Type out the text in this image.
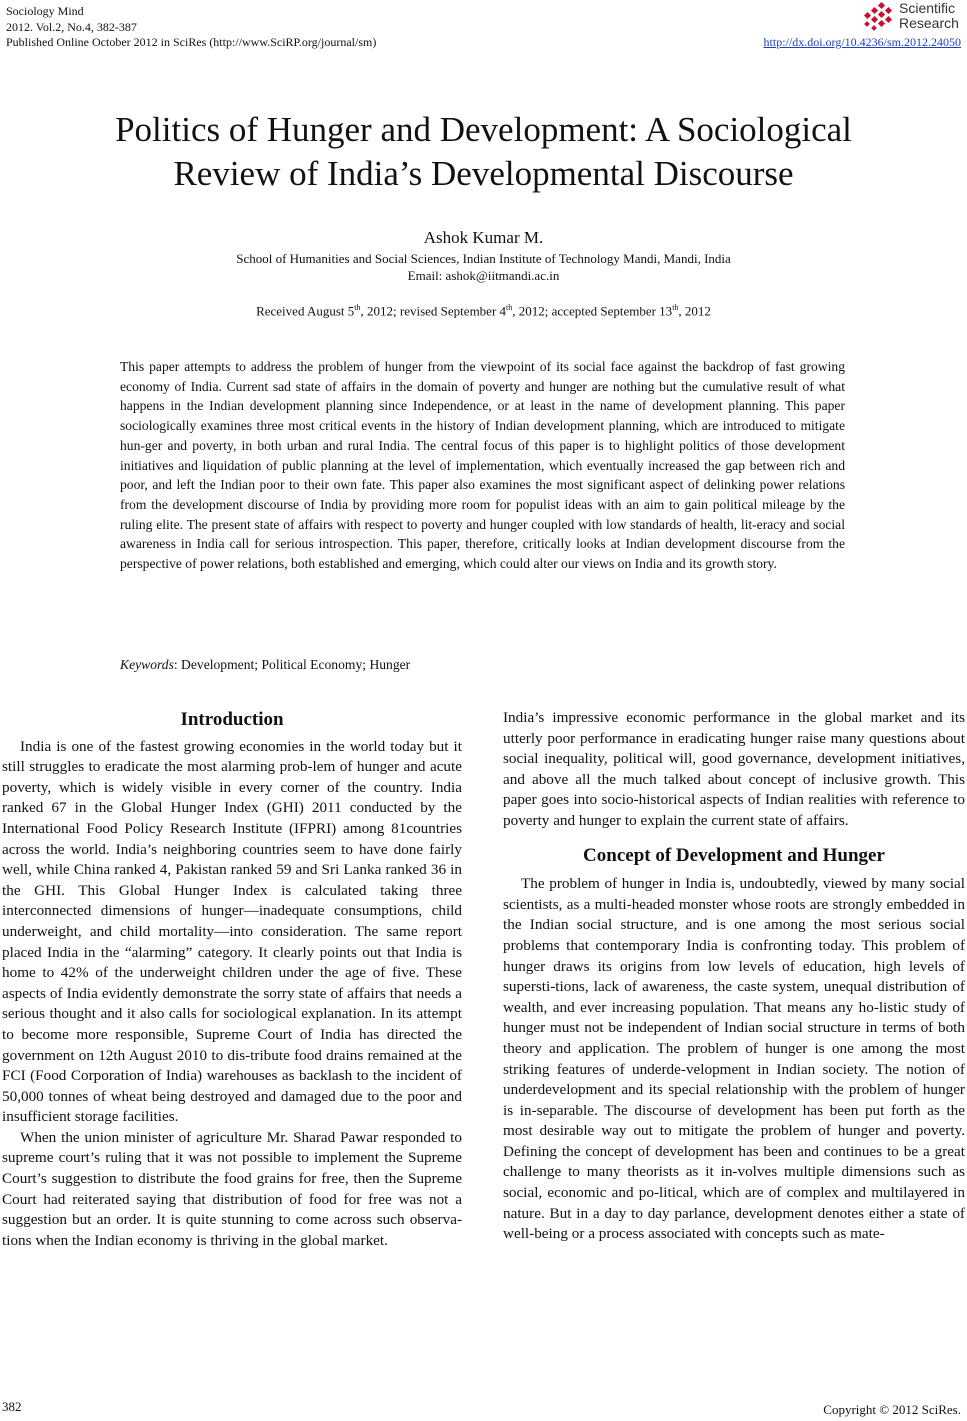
Sociology Mind
2012. Vol.2, No.4, 382-387
Published Online October 2012 in SciRes (http://www.SciRP.org/journal/sm)
Scientific
Research
http://dx.doi.org/10.4236/sm.2012.24050
Politics of Hunger and Development: A Sociological
Review of India’s Developmental Discourse
Ashok Kumar M.
School of Humanities and Social Sciences, Indian Institute of Technology Mandi, Mandi, India
Email: ashok@iitmandi.ac.in
Received August 5th, 2012; revised September 4th, 2012; accepted September 13th, 2012
This paper attempts to address the problem of hunger from the viewpoint of its social face against the backdrop of fast growing economy of India. Current sad state of affairs in the domain of poverty and hunger are nothing but the cumulative result of what happens in the Indian development planning since Independence, or at least in the name of development planning. This paper sociologically examines three most critical events in the history of Indian development planning, which are introduced to mitigate hun-ger and poverty, in both urban and rural India. The central focus of this paper is to highlight politics of those development initiatives and liquidation of public planning at the level of implementation, which eventually increased the gap between rich and poor, and left the Indian poor to their own fate. This paper also examines the most significant aspect of delinking power relations from the development discourse of India by providing more room for populist ideas with an aim to gain political mileage by the ruling elite. The present state of affairs with respect to poverty and hunger coupled with low standards of health, lit-eracy and social awareness in India call for serious introspection. This paper, therefore, critically looks at Indian development discourse from the perspective of power relations, both established and emerging, which could alter our views on India and its growth story.
Keywords: Development; Political Economy; Hunger
Introduction

India is one of the fastest growing economies in the world today but it still struggles to eradicate the most alarming prob-lem of hunger and acute poverty, which is widely visible in every corner of the country. India ranked 67 in the Global Hunger Index (GHI) 2011 conducted by the International Food Policy Research Institute (IFPRI) among 81countries across the world. India’s neighboring countries seem to have done fairly well, while China ranked 4, Pakistan ranked 59 and Sri Lanka ranked 36 in the GHI. This Global Hunger Index is calculated taking three interconnected dimensions of hunger—inadequate consumptions, child underweight, and child mortality—into consideration. The same report placed India in the “alarming” category. It clearly points out that India is home to 42% of the underweight children under the age of five. These aspects of India evidently demonstrate the sorry state of affairs that needs a serious thought and it also calls for sociological explanation. In its attempt to become more responsible, Supreme Court of India has directed the government on 12th August 2010 to dis-tribute food drains remained at the FCI (Food Corporation of India) warehouses as backlash to the incident of 50,000 tonnes of wheat being destroyed and damaged due to the poor and insufficient storage facilities.

When the union minister of agriculture Mr. Sharad Pawar responded to supreme court’s ruling that it was not possible to implement the Supreme Court’s suggestion to distribute the food grains for free, then the Supreme Court had reiterated saying that distribution of food for free was not a suggestion but an order. It is quite stunning to come across such observa-tions when the Indian economy is thriving in the global market.

India’s impressive economic performance in the global market and its utterly poor performance in eradicating hunger raise many questions about social inequality, political will, good governance, development initiatives, and above all the much talked about concept of inclusive growth. This paper goes into socio-historical aspects of Indian realities with reference to poverty and hunger to explain the current state of affairs.

Concept of Development and Hunger

The problem of hunger in India is, undoubtedly, viewed by many social scientists, as a multi-headed monster whose roots are strongly embedded in the Indian social structure, and is one among the most serious social problems that contemporary India is confronting today. This problem of hunger draws its origins from low levels of education, high levels of supersti-tions, lack of awareness, the caste system, unequal distribution of wealth, and ever increasing population. That means any ho-listic study of hunger must not be independent of Indian social structure in terms of both theory and application. The problem of hunger is one among the most striking features of underde-velopment in Indian society. The notion of underdevelopment and its special relationship with the problem of hunger is in-separable. The discourse of development has been put forth as the most desirable way out to mitigate the problem of hunger and poverty. Defining the concept of development has been and continues to be a great challenge to many theorists as it in-volves multiple dimensions such as social, economic and po-litical, which are of complex and multilayered in nature. But in a day to day parlance, development denotes either a state of well-being or a process associated with concepts such as mate-

382	Copyright © 2012 SciRes.
